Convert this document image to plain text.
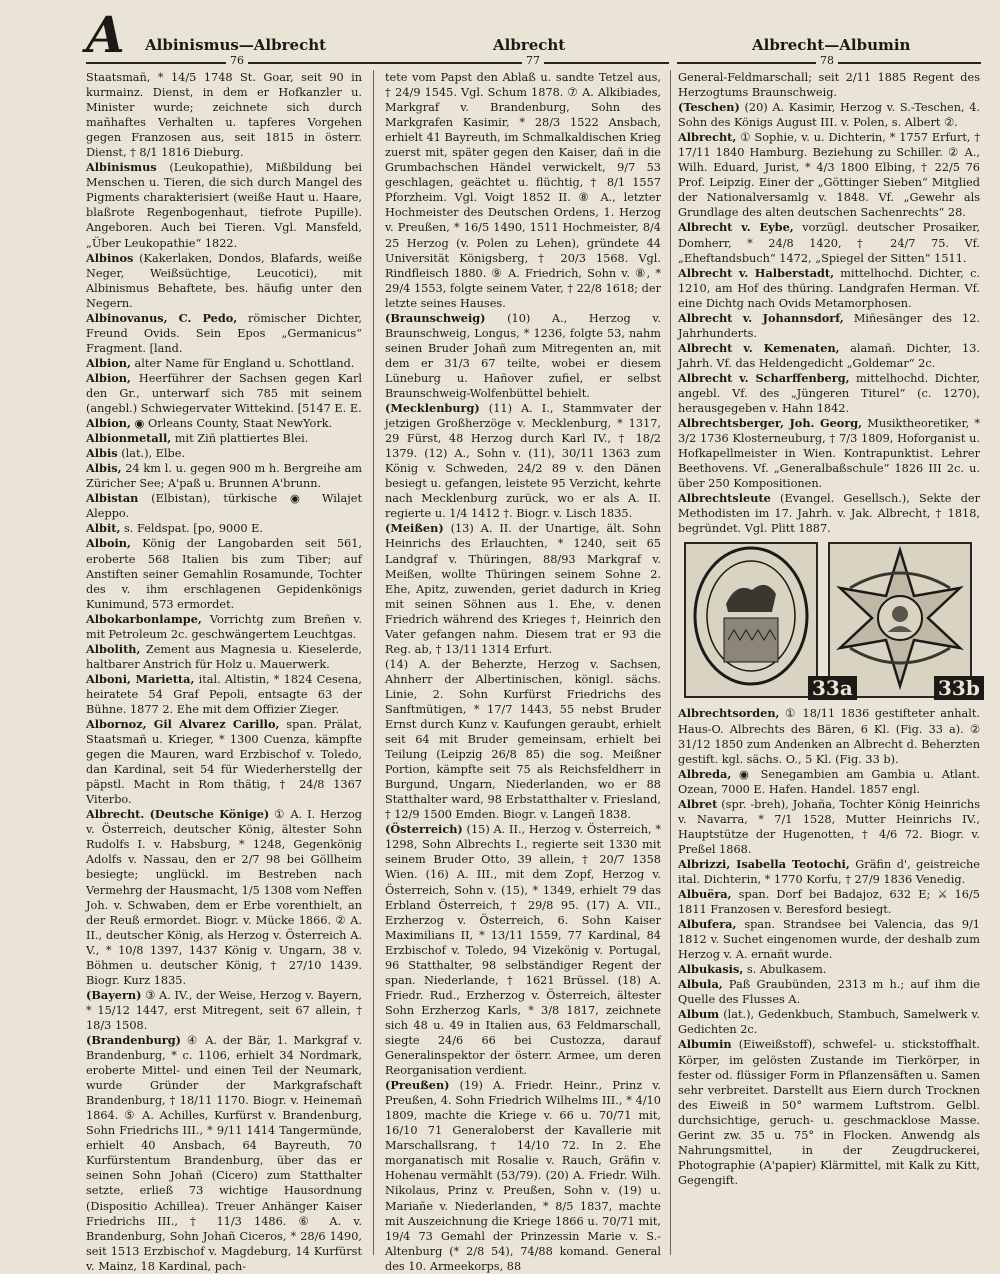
A Albinismus—Albrecht	Albrecht	Albrecht—Albumin
76	77	78

Staatsmañ, * 14/5 1748 St. Goar, seit 90 in kurmainz. Dienst, in dem er Hofkanzler u. Minister wurde; zeichnete sich durch mañhaftes Verhalten u. tapferes Vorgehen gegen Franzosen aus, seit 1815 in österr. Dienst, † 8/1 1816 Dieburg.

Albinismus (Leukopathie), Mißbildung bei Menschen u. Tieren, die sich durch Mangel des Pigments charakterisiert (weiße Haut u. Haare, blaßrote Regenbogenhaut, tiefrote Pupille). Angeboren. Auch bei Tieren. Vgl. Mansfeld, „Über Leukopathie“ 1822.

Albinos (Kakerlaken, Dondos, Blafards, weiße Neger, Weißsüchtige, Leucotici), mit Albinismus Behaftete, bes. häufig unter den Negern.

Albinovanus, C. Pedo, römischer Dichter, Freund Ovids. Sein Epos „Germanicus“ Fragment. [land.

Albion, alter Name für England u. Schottland.

Albion, Heerführer der Sachsen gegen Karl den Gr., unterwarf sich 785 mit seinem (angebl.) Schwiegervater Wittekind. [5147 E. E.

Albion, ◉ Orleans County, Staat NewYork.

Albionmetall, mit Ziñ plattiertes Blei.

Albis (lat.), Elbe.

Albis, 24 km l. u. gegen 900 m h. Bergreihe am Züricher See; A'paß u. Brunnen A'brunn.

Albistan (Elbistan), türkische ◉ Wilajet Aleppo.

Albit, s. Feldspat. [po, 9000 E.

Alboin, König der Langobarden seit 561, eroberte 568 Italien bis zum Tiber; auf Anstiften seiner Gemahlin Rosamunde, Tochter des v. ihm erschlagenen Gepidenkönigs Kunimund, 573 ermordet.

Albokarbonlampe, Vorrichtg zum Breñen v. mit Petroleum 2c. geschwängertem Leuchtgas.

Albolith, Zement aus Magnesia u. Kieselerde, haltbarer Anstrich für Holz u. Mauerwerk.

Alboni, Marietta, ital. Altistin, * 1824 Cesena, heiratete 54 Graf Pepoli, entsagte 63 der Bühne. 1877 2. Ehe mit dem Offizier Zieger.

Albornoz, Gil Alvarez Carillo, span. Prälat, Staatsmañ u. Krieger, * 1300 Cuenza, kämpfte gegen die Mauren, ward Erzbischof v. Toledo, dan Kardinal, seit 54 für Wiederherstellg der päpstl. Macht in Rom thätig, † 24/8 1367 Viterbo.

Albrecht. (Deutsche Könige) ① A. I. Herzog v. Österreich, deutscher König, ältester Sohn Rudolfs I. v. Habsburg, * 1248, Gegenkönig Adolfs v. Nassau, den er 2/7 98 bei Göllheim besiegte; unglückl. im Bestreben nach Vermehrg der Hausmacht, 1/5 1308 vom Neffen Joh. v. Schwaben, dem er Erbe vorenthielt, an der Reuß ermordet. Biogr. v. Mücke 1866. ② A. II., deutscher König, als Herzog v. Österreich A. V., * 10/8 1397, 1437 König v. Ungarn, 38 v. Böhmen u. deutscher König, † 27/10 1439. Biogr. Kurz 1835.

(Bayern) ③ A. IV., der Weise, Herzog v. Bayern, * 15/12 1447, erst Mitregent, seit 67 allein, † 18/3 1508.

(Brandenburg) ④ A. der Bär, 1. Markgraf v. Brandenburg, * c. 1106, erhielt 34 Nordmark, eroberte Mittel- und einen Teil der Neumark, wurde Gründer der Markgrafschaft Brandenburg, † 18/11 1170. Biogr. v. Heinemañ 1864. ⑤ A. Achilles, Kurfürst v. Brandenburg, Sohn Friedrichs III., * 9/11 1414 Tangermünde, erhielt 40 Ansbach, 64 Bayreuth, 70 Kurfürstentum Brandenburg, über das er seinen Sohn Johañ (Cicero) zum Statthalter setzte, erließ 73 wichtige Hausordnung (Dispositio Achillea). Treuer Anhänger Kaiser Friedrichs III., † 11/3 1486. ⑥ A. v. Brandenburg, Sohn Johañ Ciceros, * 28/6 1490, seit 1513 Erzbischof v. Magdeburg, 14 Kurfürst v. Mainz, 18 Kardinal, pach-

tete vom Papst den Ablaß u. sandte Tetzel aus, † 24/9 1545. Vgl. Schum 1878. ⑦ A. Alkibiades, Markgraf v. Brandenburg, Sohn des Markgrafen Kasimir, * 28/3 1522 Ansbach, erhielt 41 Bayreuth, im Schmalkaldischen Krieg zuerst mit, später gegen den Kaiser, dañ in die Grumbachschen Händel verwickelt, 9/7 53 geschlagen, geächtet u. flüchtig, † 8/1 1557 Pforzheim. Vgl. Voigt 1852 II. ⑧ A., letzter Hochmeister des Deutschen Ordens, 1. Herzog v. Preußen, * 16/5 1490, 1511 Hochmeister, 8/4 25 Herzog (v. Polen zu Lehen), gründete 44 Universität Königsberg, † 20/3 1568. Vgl. Rindfleisch 1880. ⑨ A. Friedrich, Sohn v. ⑧, * 29/4 1553, folgte seinem Vater, † 22/8 1618; der letzte seines Hauses.

(Braunschweig) (10) A., Herzog v. Braunschweig, Longus, * 1236, folgte 53, nahm seinen Bruder Johañ zum Mitregenten an, mit dem er 31/3 67 teilte, wobei er diesem Lüneburg u. Hañover zufiel, er selbst Braunschweig-Wolfenbüttel behielt.

(Mecklenburg) (11) A. I., Stammvater der jetzigen Großherzöge v. Mecklenburg, * 1317, 29 Fürst, 48 Herzog durch Karl IV., † 18/2 1379. (12) A., Sohn v. (11), 30/11 1363 zum König v. Schweden, 24/2 89 v. den Dänen besiegt u. gefangen, leistete 95 Verzicht, kehrte nach Mecklenburg zurück, wo er als A. II. regierte u. 1/4 1412 †. Biogr. v. Lisch 1835.

(Meißen) (13) A. II. der Unartige, ält. Sohn Heinrichs des Erlauchten, * 1240, seit 65 Landgraf v. Thüringen, 88/93 Markgraf v. Meißen, wollte Thüringen seinem Sohne 2. Ehe, Apitz, zuwenden, geriet dadurch in Krieg mit seinen Söhnen aus 1. Ehe, v. denen Friedrich während des Krieges †, Heinrich den Vater gefangen nahm. Diesem trat er 93 die Reg. ab, † 13/11 1314 Erfurt.

(14) A. der Beherzte, Herzog v. Sachsen, Ahnherr der Albertinischen, königl. sächs. Linie, 2. Sohn Kurfürst Friedrichs des Sanftmütigen, * 17/7 1443, 55 nebst Bruder Ernst durch Kunz v. Kaufungen geraubt, erhielt seit 64 mit Bruder gemeinsam, erhielt bei Teilung (Leipzig 26/8 85) die sog. Meißner Portion, kämpfte seit 75 als Reichsfeldherr in Burgund, Ungarn, Niederlanden, wo er 88 Statthalter ward, 98 Erbstatthalter v. Friesland, † 12/9 1500 Emden. Biogr. v. Langeñ 1838.

(Österreich) (15) A. II., Herzog v. Österreich, * 1298, Sohn Albrechts I., regierte seit 1330 mit seinem Bruder Otto, 39 allein, † 20/7 1358 Wien. (16) A. III., mit dem Zopf, Herzog v. Österreich, Sohn v. (15), * 1349, erhielt 79 das Erbland Österreich, † 29/8 95. (17) A. VII., Erzherzog v. Österreich, 6. Sohn Kaiser Maximilians II, * 13/11 1559, 77 Kardinal, 84 Erzbischof v. Toledo, 94 Vizekönig v. Portugal, 96 Statthalter, 98 selbständiger Regent der span. Niederlande, † 1621 Brüssel. (18) A. Friedr. Rud., Erzherzog v. Österreich, ältester Sohn Erzherzog Karls, * 3/8 1817, zeichnete sich 48 u. 49 in Italien aus, 63 Feldmarschall, siegte 24/6 66 bei Custozza, darauf Generalinspektor der österr. Armee, um deren Reorganisation verdient.

(Preußen) (19) A. Friedr. Heinr., Prinz v. Preußen, 4. Sohn Friedrich Wilhelms III., * 4/10 1809, machte die Kriege v. 66 u. 70/71 mit, 16/10 71 Generaloberst der Kavallerie mit Marschallsrang, † 14/10 72. In 2. Ehe morganatisch mit Rosalie v. Rauch, Gräfin v. Hohenau vermählt (53/79). (20) A. Friedr. Wilh. Nikolaus, Prinz v. Preußen, Sohn v. (19) u. Mariañe v. Niederlanden, * 8/5 1837, machte mit Auszeichnung die Kriege 1866 u. 70/71 mit, 19/4 73 Gemahl der Prinzessin Marie v. S.-Altenburg (* 2/8 54), 74/88 komand. General des 10. Armeekorps, 88

General-Feldmarschall; seit 2/11 1885 Regent des Herzogtums Braunschweig.

(Teschen) (20) A. Kasimir, Herzog v. S.-Teschen, 4. Sohn des Königs August III. v. Polen, s. Albert ②.

Albrecht, ① Sophie, v. u. Dichterin, * 1757 Erfurt, † 17/11 1840 Hamburg. Beziehung zu Schiller. ② A., Wilh. Eduard, Jurist, * 4/3 1800 Elbing, † 22/5 76 Prof. Leipzig. Einer der „Göttinger Sieben“ Mitglied der Nationalversamlg v. 1848. Vf. „Gewehr als Grundlage des alten deutschen Sachenrechts“ 28.

Albrecht v. Eybe, vorzügl. deutscher Prosaiker, Domherr, * 24/8 1420, † 24/7 75. Vf. „Eheftandsbuch“ 1472, „Spiegel der Sitten“ 1511.

Albrecht v. Halberstadt, mittelhochd. Dichter, c. 1210, am Hof des thüring. Landgrafen Herman. Vf. eine Dichtg nach Ovids Metamorphosen.

Albrecht v. Johannsdorf, Miñesänger des 12. Jahrhunderts.

Albrecht v. Kemenaten, alamañ. Dichter, 13. Jahrh. Vf. das Heldengedicht „Goldemar“ 2c.

Albrecht v. Scharffenberg, mittelhochd. Dichter, angebl. Vf. des „Jüngeren Titurel“ (c. 1270), herausgegeben v. Hahn 1842.

Albrechtsberger, Joh. Georg, Musiktheoretiker, * 3/2 1736 Klosterneuburg, † 7/3 1809, Hoforganist u. Hofkapellmeister in Wien. Kontrapunktist. Lehrer Beethovens. Vf. „Generalbaßschule“ 1826 III 2c. u. über 250 Kompositionen.

Albrechtsleute (Evangel. Gesellsch.), Sekte der Methodisten im 17. Jahrh. v. Jak. Albrecht, † 1818, begründet. Vgl. Plitt 1887.

33a	33b

Albrechtsorden, ① 18/11 1836 gestifteter anhalt. Haus-O. Albrechts des Bären, 6 Kl. (Fig. 33 a). ② 31/12 1850 zum Andenken an Albrecht d. Beherzten gestift. kgl. sächs. O., 5 Kl. (Fig. 33 b).

Albreda, ◉ Senegambien am Gambia u. Atlant. Ozean, 7000 E. Hafen. Handel. 1857 engl.

Albret (spr. -breh), Johaña, Tochter König Heinrichs v. Navarra, * 7/1 1528, Mutter Heinrichs IV., Hauptstütze der Hugenotten, † 4/6 72. Biogr. v. Preßel 1868.

Albrizzi, Isabella Teotochi, Gräfin d', geistreiche ital. Dichterin, * 1770 Korfu, † 27/9 1836 Venedig.

Albuëra, span. Dorf bei Badajoz, 632 E; ⚔ 16/5 1811 Franzosen v. Beresford besiegt.

Albufera, span. Strandsee bei Valencia, das 9/1 1812 v. Suchet eingenomen wurde, der deshalb zum Herzog v. A. ernañt wurde.

Albukasis, s. Abulkasem.

Albula, Paß Graubünden, 2313 m h.; auf ihm die Quelle des Flusses A.

Album (lat.), Gedenkbuch, Stambuch, Samelwerk v. Gedichten 2c.

Albumin (Eiweißstoff), schwefel- u. stickstoffhalt. Körper, im gelösten Zustande im Tierkörper, in fester od. flüssiger Form in Pflanzensäften u. Samen sehr verbreitet. Darstellt aus Eiern durch Trocknen des Eiweiß in 50° warmem Luftstrom. Gelbl. durchsichtige, geruch- u. geschmacklose Masse. Gerint zw. 35 u. 75° in Flocken. Anwendg als Nahrungsmittel, in der Zeugdruckerei, Photographie (A'papier) Klärmittel, mit Kalk zu Kitt, Gegengift.
